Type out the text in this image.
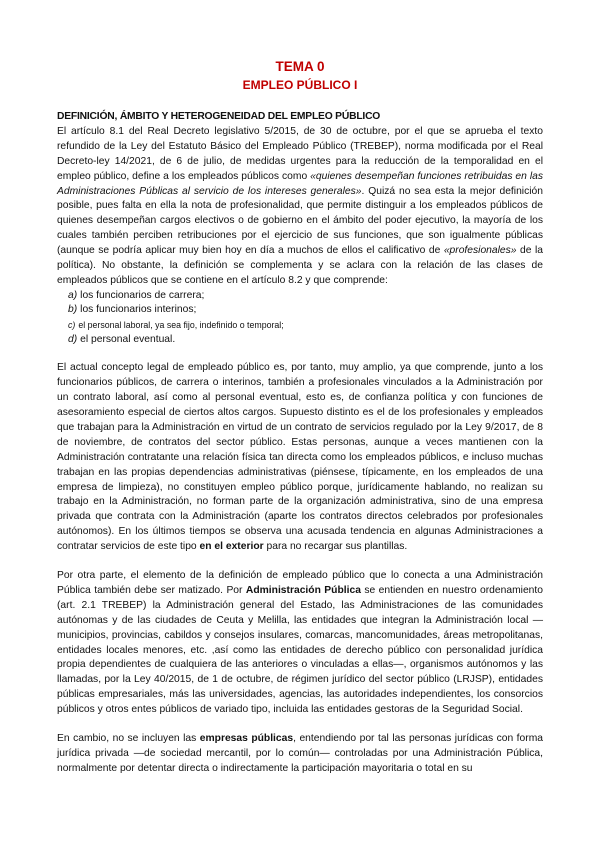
TEMA 0
EMPLEO PÚBLICO I

DEFINICIÓN, ÁMBITO Y HETEROGENEIDAD DEL EMPLEO PÚBLICO

El artículo 8.1 del Real Decreto legislativo 5/2015, de 30 de octubre, por el que se aprueba el texto refundido de la Ley del Estatuto Básico del Empleado Público (TREBEP), norma modificada por el Real Decreto-ley 14/2021, de 6 de julio, de medidas urgentes para la reducción de la temporalidad en el empleo público, define a los empleados públicos como «quienes desempeñan funciones retribuidas en las Administraciones Públicas al servicio de los intereses generales». Quizá no sea esta la mejor definición posible, pues falta en ella la nota de profesionalidad, que permite distinguir a los empleados públicos de quienes desempeñan cargos electivos o de gobierno en el ámbito del poder ejecutivo, la mayoría de los cuales también perciben retribuciones por el ejercicio de sus funciones, que son igualmente públicas (aunque se podría aplicar muy bien hoy en día a muchos de ellos el calificativo de «profesionales» de la política). No obstante, la definición se complementa y se aclara con la relación de las clases de empleados públicos que se contiene en el artículo 8.2 y que comprende:

a) los funcionarios de carrera;
b) los funcionarios interinos;
c) el personal laboral, ya sea fijo, indefinido o temporal;
d) el personal eventual.

El actual concepto legal de empleado público es, por tanto, muy amplio, ya que comprende, junto a los funcionarios públicos, de carrera o interinos, también a profesionales vinculados a la Administración por un contrato laboral, así como al personal eventual, esto es, de confianza política y con funciones de asesoramiento especial de ciertos altos cargos. Supuesto distinto es el de los profesionales y empleados que trabajan para la Administración en virtud de un contrato de servicios regulado por la Ley 9/2017, de 8 de noviembre, de contratos del sector público. Estas personas, aunque a veces mantienen con la Administración contratante una relación física tan directa como los empleados públicos, e incluso muchas trabajan en las propias dependencias administrativas (piénsese, típicamente, en los empleados de una empresa de limpieza), no constituyen empleo público porque, jurídicamente hablando, no realizan su trabajo en la Administración, no forman parte de la organización administrativa, sino de una empresa privada que contrata con la Administración (aparte los contratos directos celebrados por profesionales autónomos). En los últimos tiempos se observa una acusada tendencia en algunas Administraciones a contratar servicios de este tipo en el exterior para no recargar sus plantillas.

Por otra parte, el elemento de la definición de empleado público que lo conecta a una Administración Pública también debe ser matizado. Por Administración Pública se entienden en nuestro ordenamiento (art. 2.1 TREBEP) la Administración general del Estado, las Administraciones de las comunidades autónomas y de las ciudades de Ceuta y Melilla, las entidades que integran la Administración local —municipios, provincias, cabildos y consejos insulares, comarcas, mancomunidades, áreas metropolitanas, entidades locales menores, etc. ,así como las entidades de derecho público con personalidad jurídica propia dependientes de cualquiera de las anteriores o vinculadas a ellas—, organismos autónomos y las llamadas, por la Ley 40/2015, de 1 de octubre, de régimen jurídico del sector público (LRJSP), entidades públicas empresariales, más las universidades, agencias, las autoridades independientes, los consorcios públicos y otros entes públicos de variado tipo, incluida las entidades gestoras de la Seguridad Social.

En cambio, no se incluyen las empresas públicas, entendiendo por tal las personas jurídicas con forma jurídica privada —de sociedad mercantil, por lo común— controladas por una Administración Pública, normalmente por detentar directa o indirectamente la participación mayoritaria o total en su
